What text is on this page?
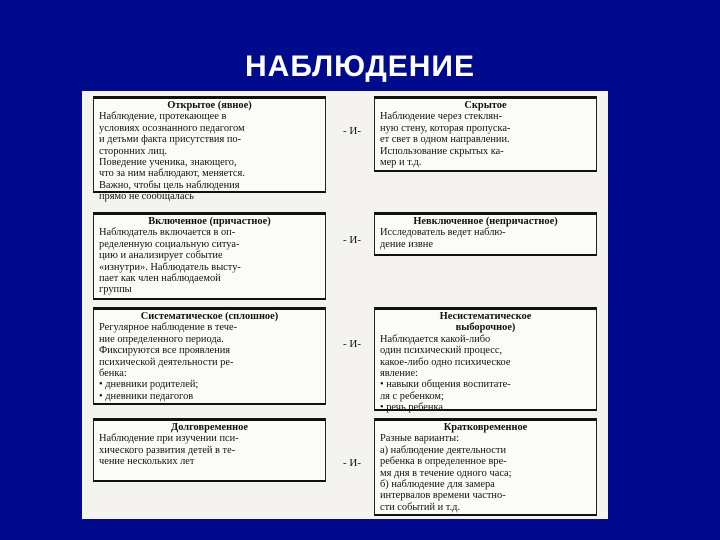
НАБЛЮДЕНИЕ
Открытое (явное)
Наблюдение, протекающее в
условиях осознанного педагогом
и детьми факта присутствия по-
сторонних лиц.
Поведение ученика, знающего,
что за ним наблюдают, меняется.
Важно, чтобы цель наблюдения
прямо не сообщалась
- И-
Скрытое
Наблюдение через стеклян-
ную стену, которая пропуска-
ет свет в одном направлении.
Использование скрытых ка-
мер и т.д.
Включенное (причастное)
Наблюдатель включается в оп-
ределенную социальную ситуа-
цию и анализирует событие
«изнутри». Наблюдатель высту-
пает как член наблюдаемой
группы
- И-
Невключенное (непричастное)
Исследователь ведет наблю-
дение извне
Систематическое (сплошное)
Регулярное наблюдение в тече-
ние определенного периода.
Фиксируются все проявления
психической деятельности ре-
бенка:
• дневники родителей;
• дневники педагогов
- И-
Несистематическое
выборочное)
Наблюдается какой-либо
один психический процесс,
какое-либо одно психическое
явление:
• навыки общения воспитате-
ля с ребенком;
• речь ребенка
Долговременное
Наблюдение при изучении пси-
хического развития детей в те-
чение нескольких лет	- И-
Кратковременное
Разные варианты:
а) наблюдение деятельности
ребенка в определенное вре-
мя дня в течение одного часа;
б) наблюдение для замера
интервалов времени частно-
сти событий и т.д.
